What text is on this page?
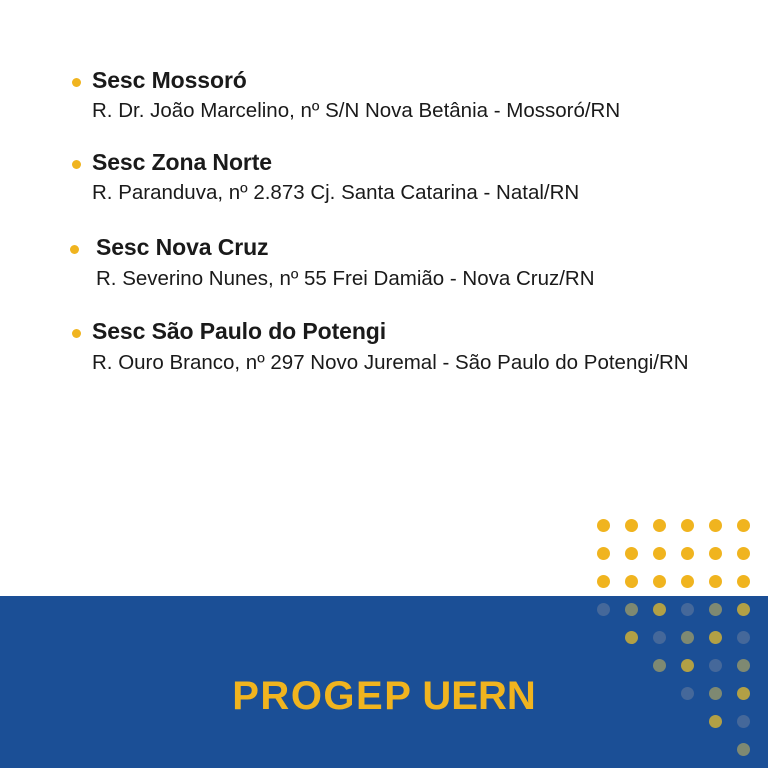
Sesc Mossoró

R. Dr. João Marcelino, nº S/N Nova Betânia - Mossoró/RN

Sesc Zona Norte

R. Paranduva, nº 2.873 Cj. Santa Catarina - Natal/RN

Sesc Nova Cruz

R. Severino Nunes, nº 55 Frei Damião - Nova Cruz/RN

Sesc São Paulo do Potengi

R. Ouro Branco, nº 297 Novo Juremal - São Paulo do Potengi/RN

PROGEP UERN
